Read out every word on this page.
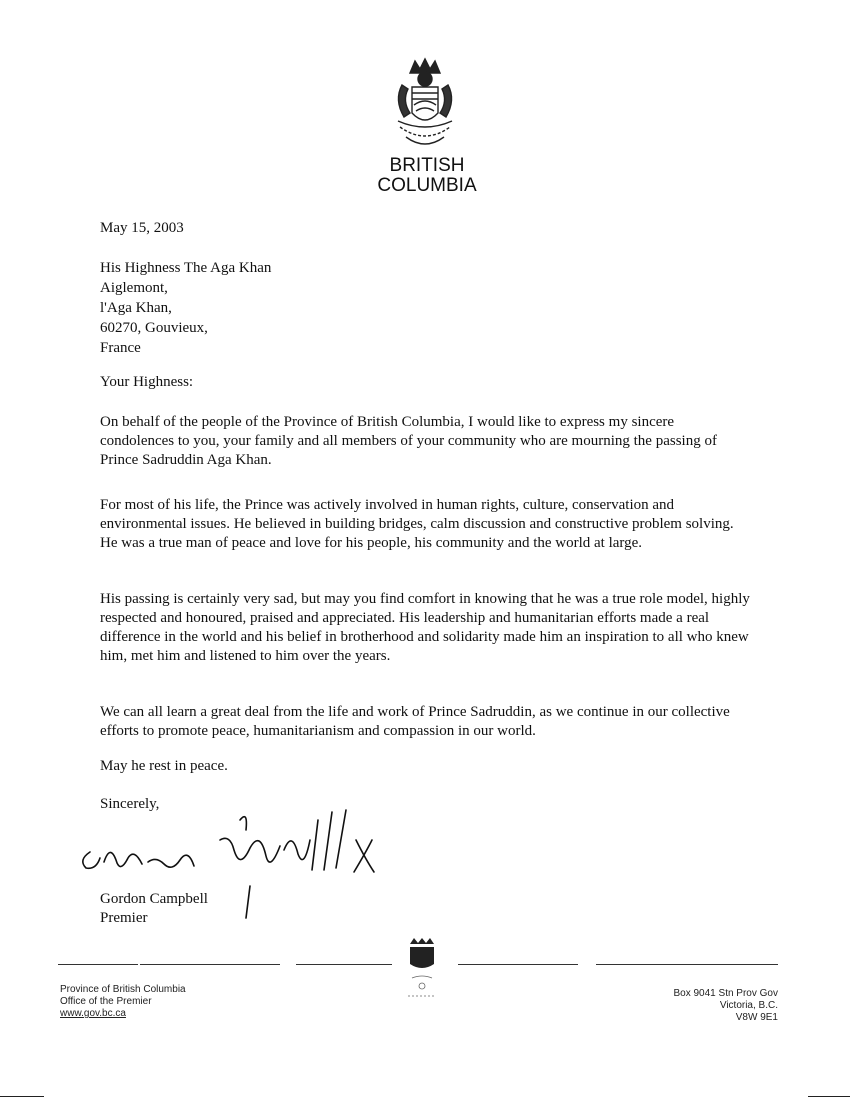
BRITISH
COLUMBIA
May 15, 2003
His Highness The Aga Khan
Aiglemont,
l'Aga Khan,
60270, Gouvieux,
France
Your Highness:
On behalf of the people of the Province of British Columbia, I would like to express my sincere condolences to you, your family and all members of your community who are mourning the passing of Prince Sadruddin Aga Khan.
For most of his life, the Prince was actively involved in human rights, culture, conservation and environmental issues. He believed in building bridges, calm discussion and constructive problem solving. He was a true man of peace and love for his people, his community and the world at large.
His passing is certainly very sad, but may you find comfort in knowing that he was a true role model, highly respected and honoured, praised and appreciated. His leadership and humanitarian efforts made a real difference in the world and his belief in brotherhood and solidarity made him an inspiration to all who knew him, met him and listened to him over the years.
We can all learn a great deal from the life and work of Prince Sadruddin, as we continue in our collective efforts to promote peace, humanitarianism and compassion in our world.
May he rest in peace.
Sincerely,
Gordon Campbell
Premier
Province of British Columbia
Office of the Premier
www.gov.bc.ca
Box 9041 Stn Prov Gov
Victoria, B.C.
V8W 9E1
